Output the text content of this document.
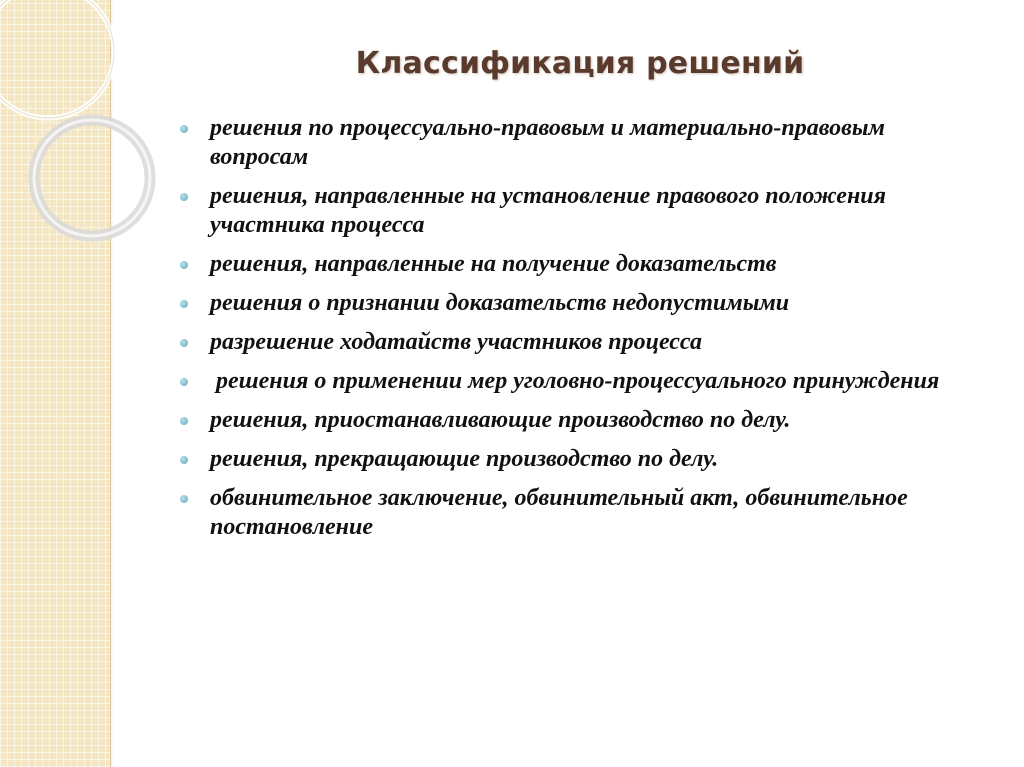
Классификация решений
решения по процессуально-правовым и материально-правовым вопросам
решения, направленные на установление правового положения участника процесса
решения, направленные на получение доказательств
решения о признании доказательств недопустимыми
разрешение ходатайств участников процесса
решения о применении мер уголовно-процессуального принуждения
решения, приостанавливающие производство по делу.
решения, прекращающие производство по делу.
обвинительное заключение, обвинительный акт, обвинительное постановление
